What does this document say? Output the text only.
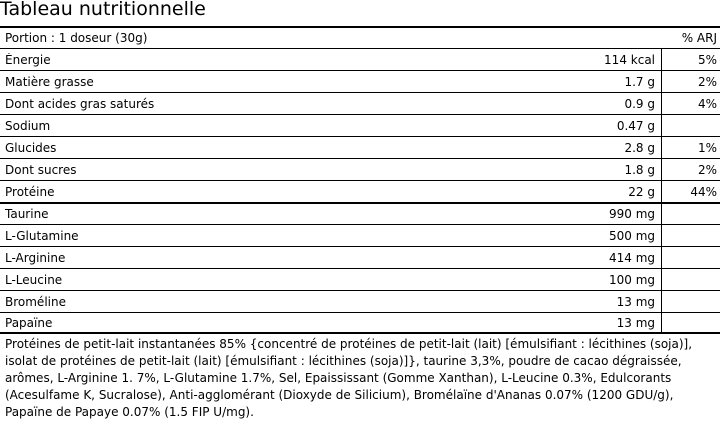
Tableau nutritionnelle
Portion : 1 doseur (30g)	% ARJ
Énergie	114 kcal	5%
Matière grasse	1.7 g	2%
Dont acides gras saturés	0.9 g	4%
Sodium	0.47 g
Glucides	2.8 g	1%
Dont sucres	1.8 g	2%
Protéine	22 g	44%
Taurine	990 mg
L-Glutamine	500 mg
L-Arginine	414 mg
L-Leucine	100 mg
Broméline	13 mg
Papaïne	13 mg
Protéines de petit-lait instantanées 85% {concentré de protéines de petit-lait (lait) [émulsifiant : lécithines (soja)], isolat de protéines de petit-lait (lait) [émulsifiant : lécithines (soja)]}, taurine 3,3%, poudre de cacao dégraissée, arômes, L-Arginine 1. 7%, L-Glutamine 1.7%, Sel, Epaississant (Gomme Xanthan), L-Leucine 0.3%, Edulcorants (Acesulfame K, Sucralose), Anti-agglomérant (Dioxyde de Silicium), Bromélaïne d'Ananas 0.07% (1200 GDU/g), Papaïne de Papaye 0.07% (1.5 FIP U/mg).
